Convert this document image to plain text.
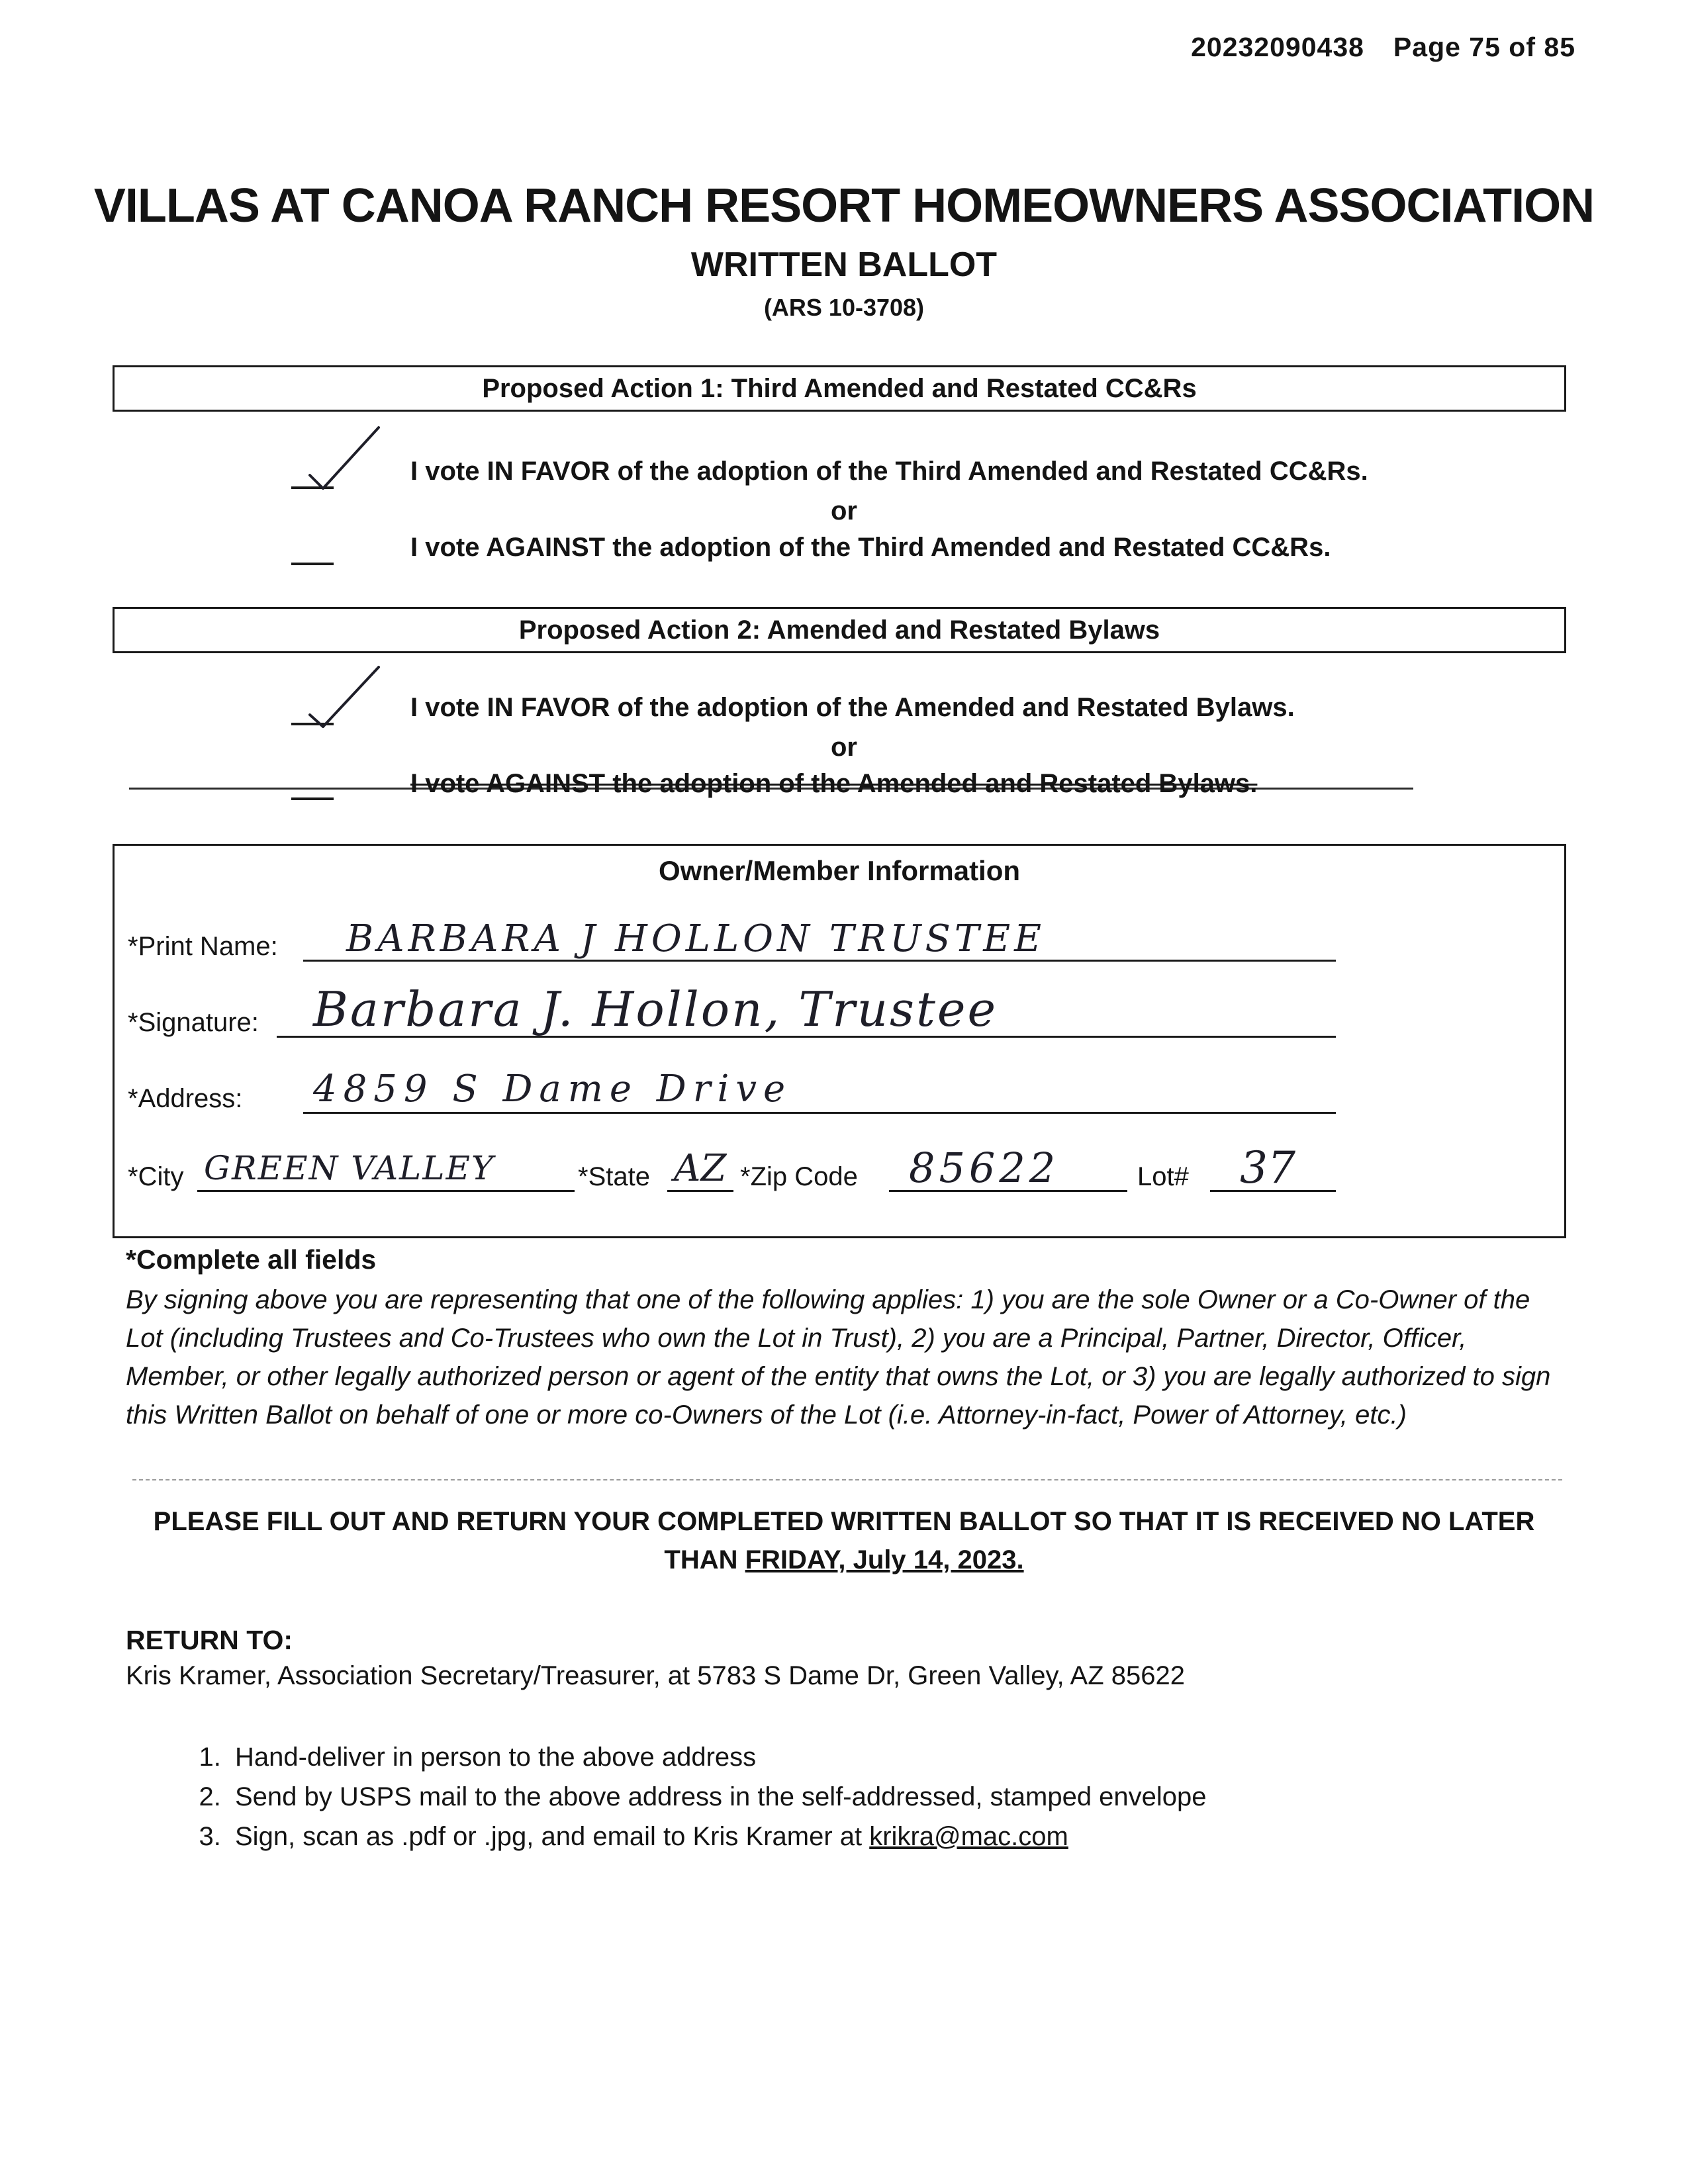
20232090438 Page 75 of 85
VILLAS AT CANOA RANCH RESORT HOMEOWNERS ASSOCIATION
WRITTEN BALLOT
(ARS 10-3708)
Proposed Action 1: Third Amended and Restated CC&Rs
I vote IN FAVOR of the adoption of the Third Amended and Restated CC&Rs.
or
I vote AGAINST the adoption of the Third Amended and Restated CC&Rs.
Proposed Action 2: Amended and Restated Bylaws
I vote IN FAVOR of the adoption of the Amended and Restated Bylaws.
or
I vote AGAINST the adoption of the Amended and Restated Bylaws.
Owner/Member Information
*Print Name: BARBARA J HOLLON TRUSTEE
*Signature: Barbara J. Hollon, Trustee
*Address: 4859 S Dame Drive
*City GREEN VALLEY	*State AZ *Zip Code 85622	Lot# 37
*Complete all fields
By signing above you are representing that one of the following applies: 1) you are the sole Owner or a Co-Owner of the Lot (including Trustees and Co-Trustees who own the Lot in Trust), 2) you are a Principal, Partner, Director, Officer, Member, or other legally authorized person or agent of the entity that owns the Lot, or 3) you are legally authorized to sign this Written Ballot on behalf of one or more co-Owners of the Lot (i.e. Attorney-in-fact, Power of Attorney, etc.)
PLEASE FILL OUT AND RETURN YOUR COMPLETED WRITTEN BALLOT SO THAT IT IS RECEIVED NO LATER
THAN FRIDAY, July 14, 2023.
RETURN TO:
Kris Kramer, Association Secretary/Treasurer, at 5783 S Dame Dr, Green Valley, AZ 85622
1. Hand-deliver in person to the above address
2. Send by USPS mail to the above address in the self-addressed, stamped envelope
3. Sign, scan as .pdf or .jpg, and email to Kris Kramer at krikra@mac.com
